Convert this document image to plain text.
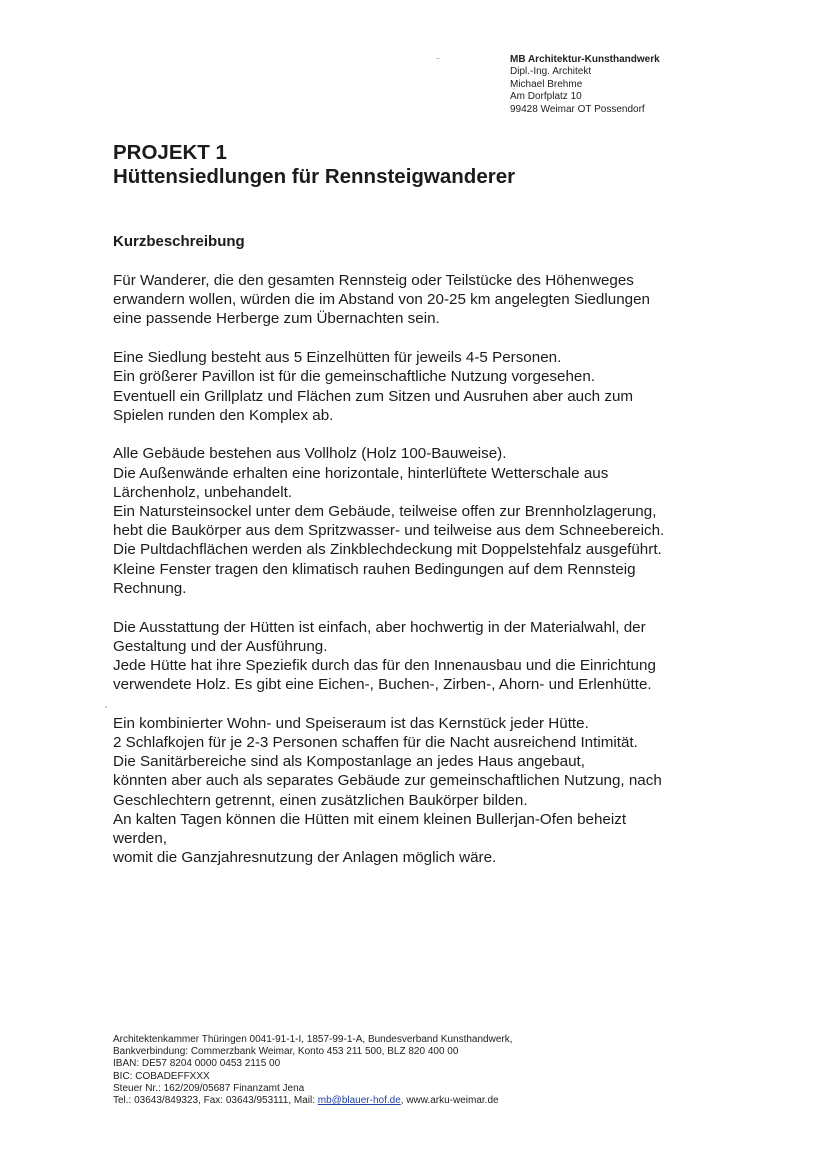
MB Architektur-Kunsthandwerk
Dipl.-Ing. Architekt
Michael Brehme
Am Dorfplatz 10
99428 Weimar OT Possendorf
PROJEKT 1
Hüttensiedlungen für Rennsteigwanderer
Kurzbeschreibung
Für Wanderer, die den gesamten Rennsteig oder Teilstücke des Höhenweges
erwandern wollen, würden die im Abstand von 20-25 km angelegten Siedlungen
eine passende Herberge zum Übernachten sein.
Eine Siedlung besteht aus 5 Einzelhütten für jeweils 4-5 Personen.
Ein größerer Pavillon ist für die gemeinschaftliche Nutzung vorgesehen.
Eventuell ein Grillplatz und Flächen zum Sitzen und Ausruhen aber auch zum
Spielen runden den Komplex ab.
Alle Gebäude bestehen aus Vollholz (Holz 100-Bauweise).
Die Außenwände erhalten eine horizontale, hinterlüftete Wetterschale aus
Lärchenholz, unbehandelt.
Ein Natursteinsockel unter dem Gebäude, teilweise offen zur Brennholzlagerung,
hebt die Baukörper aus dem Spritzwasser- und teilweise aus dem Schneebereich.
Die Pultdachflächen werden als Zinkblechdeckung mit Doppelstehfalz ausgeführt.
Kleine Fenster tragen den klimatisch rauhen Bedingungen auf dem Rennsteig
Rechnung.
Die Ausstattung der Hütten ist einfach, aber hochwertig in der Materialwahl, der
Gestaltung und der Ausführung.
Jede Hütte hat ihre Speziefik durch das für den Innenausbau und die Einrichtung
verwendete Holz. Es gibt eine Eichen-, Buchen-, Zirben-, Ahorn- und Erlenhütte.
Ein kombinierter Wohn- und Speiseraum ist das Kernstück jeder Hütte.
2 Schlafkojen für je 2-3 Personen schaffen für die Nacht ausreichend Intimität.
Die Sanitärbereiche sind als Kompostanlage an jedes Haus angebaut,
könnten aber auch als separates Gebäude zur gemeinschaftlichen Nutzung, nach
Geschlechtern getrennt, einen zusätzlichen Baukörper bilden.
An kalten Tagen können die Hütten mit einem kleinen Bullerjan-Ofen beheizt
werden,
womit die Ganzjahresnutzung der Anlagen möglich wäre.
Architektenkammer Thüringen 0041-91-1-I, 1857-99-1-A, Bundesverband Kunsthandwerk,
Bankverbindung: Commerzbank Weimar, Konto 453 211 500, BLZ 820 400 00
IBAN: DE57 8204 0000 0453 2115 00
BIC: COBADEFFXXX
Steuer Nr.: 162/209/05687 Finanzamt Jena
Tel.: 03643/849323, Fax: 03643/953111, Mail: mb@blauer-hof.de, www.arku-weimar.de
